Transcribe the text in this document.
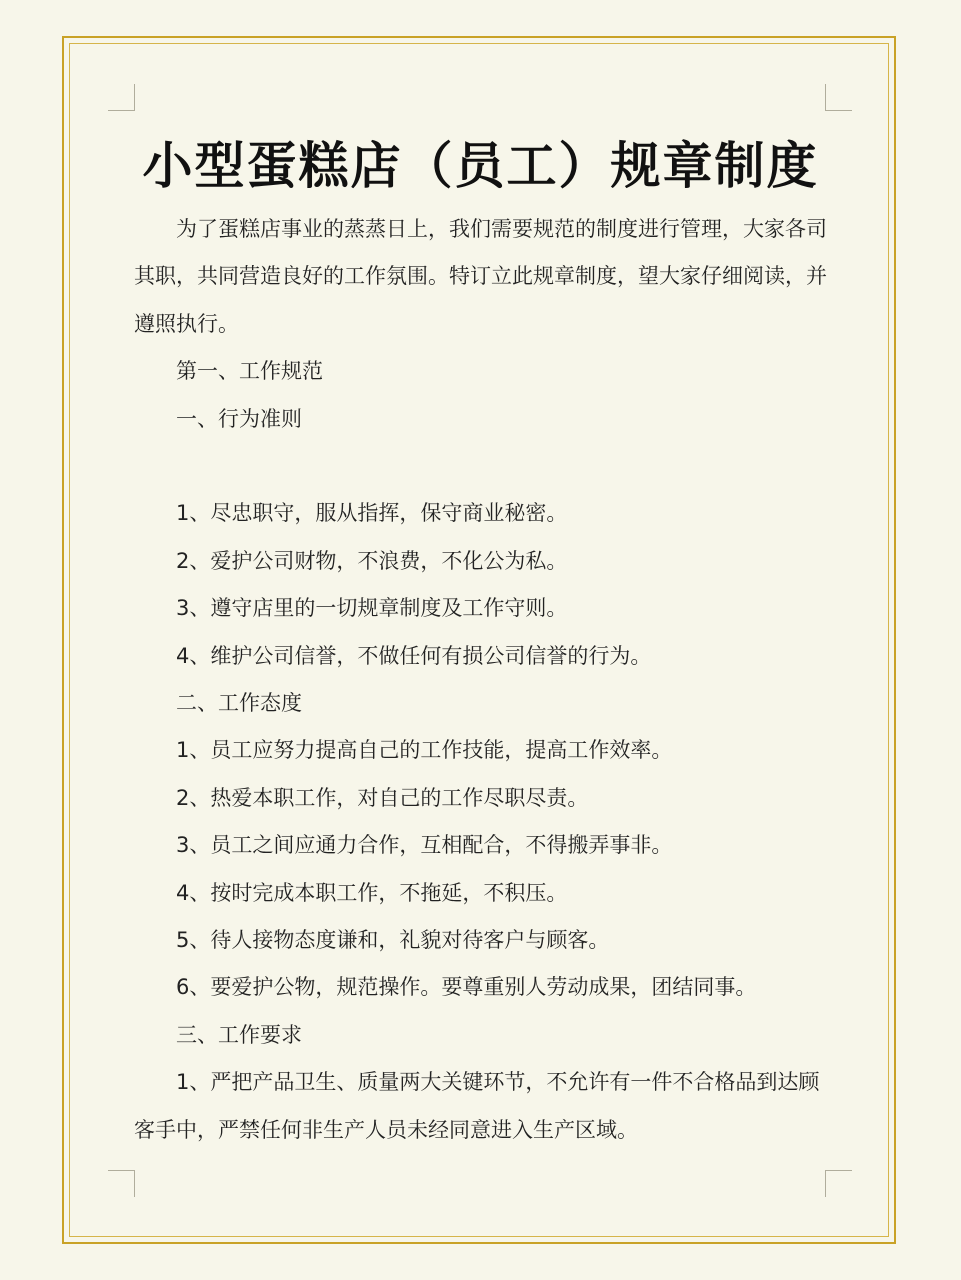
小型蛋糕店（员工）规章制度

为了蛋糕店事业的蒸蒸日上，我们需要规范的制度进行管理，大家各司其职，共同营造良好的工作氛围。特订立此规章制度，望大家仔细阅读，并遵照执行。

第一、工作规范

一、行为准则

1、尽忠职守，服从指挥，保守商业秘密。

2、爱护公司财物，不浪费，不化公为私。

3、遵守店里的一切规章制度及工作守则。

4、维护公司信誉，不做任何有损公司信誉的行为。

二、工作态度

1、员工应努力提高自己的工作技能，提高工作效率。

2、热爱本职工作，对自己的工作尽职尽责。

3、员工之间应通力合作，互相配合，不得搬弄事非。

4、按时完成本职工作，不拖延，不积压。

5、待人接物态度谦和，礼貌对待客户与顾客。

6、要爱护公物，规范操作。要尊重别人劳动成果，团结同事。

三、工作要求

1、严把产品卫生、质量两大关键环节，不允许有一件不合格品到达顾客手中，严禁任何非生产人员未经同意进入生产区域。
